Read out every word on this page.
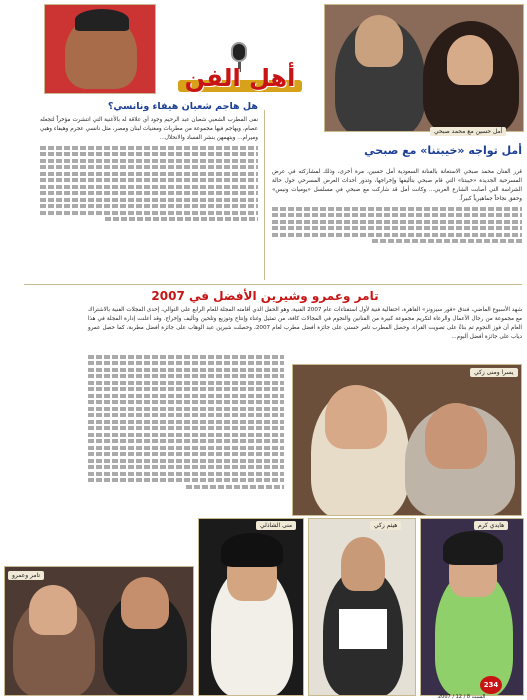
أهل الفن
هل هاجم شعبان هيفاء ونانسي؟
نفى المطرب الشعبي شعبان عبد الرحيم وجود أي علاقة له بالأغنية التي انتشرت مؤخراً لتجعله عصام، ويهاجم فيها مجموعة من مطربات ومغنيات لبنان ومصر، مثل نانسي عجرم وهيفاء وهبي وميرام... ويتهمهن بنشر الفساد والانحلال...
أمل حسين مع محمد صبحي
أمل تواجه «خيبتنا» مع صبحي
قرر الفنان محمد صبحي الاستعانة بالفنانة السعودية أمل حسين، مرة أخرى، وذلك لمشاركته في عرض المسرحية الجديدة «خيبتنا» التي قام صبحي بتأليفها وإخراجها، وتدور أحداث العرض المسرحي حول حالة الشراسة التي أصابت الشارع العربي... وكانت أمل قد شاركت مع صبحي في مسلسل «يوميات ونيس» وحقق نجاحاً جماهيرياً كبيراً.
تامر وعمرو وشيرين الأفضل في 2007
شهد الأسبوع الماضي، فندق «فور سيزونز» القاهرة، احتفالية فنية لأول استفتاءات عام 2007 الفنية، وهو الحفل الذي أقامته المجلة للعام الرابع على التوالي، إحدى المجلات الفنية بالاشتراك مع مجموعة من رجال الأعمال والرعاة لتكريم مجموعة كبيرة من الفنانين والنجوم في المجالات كافة، من تمثيل وغناء وإنتاج وتوزيع وتلحين وتأليف وإخراج. وقد أعلنت إدارة المجلة في هذا العام أن فوز النجوم تم بناءً على تصويت القراء، وحصل المطرب تامر حسني على جائزة أفضل مطرب لعام 2007، وحصلت شيرين عبد الوهاب على جائزة أفضل مطربة، كما حصل عمرو دياب على جائزة أفضل ألبوم...
يسرا ومنى زكي
تامر وعمرو
منى الشاذلي	هيثم زكي	هايدي كرم
234
السبت 8 / 12 / 2007
